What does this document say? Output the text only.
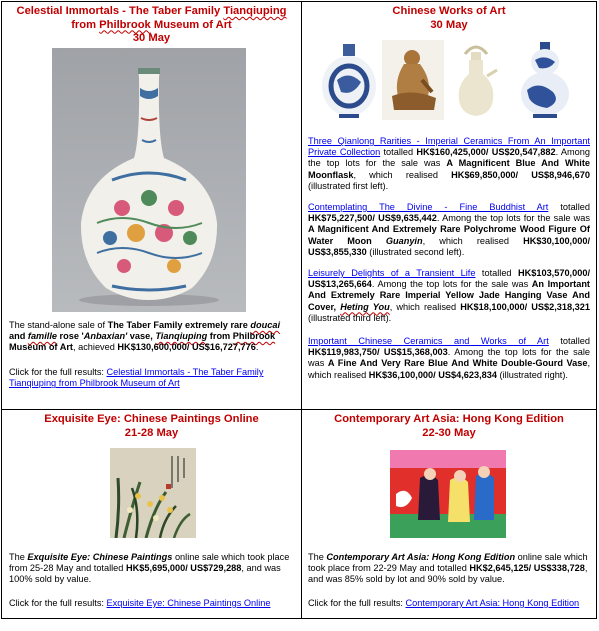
Celestial Immortals - The Taber Family Tianqiuping from Philbrook Museum of Art
30 May

The stand-alone sale of The Taber Family extremely rare doucai and famille rose 'Anbaxian' vase, Tianqiuping from Philbrook Museum of Art, achieved HK$130,600,000/ US$16,727,776.

Click for the full results: Celestial Immortals - The Taber Family Tianqiuping from Philbrook Museum of Art

Chinese Works of Art
30 May

Three Qianlong Rarities - Imperial Ceramics From An Important Private Collection totalled HK$160,425,000/ US$20,547,882. Among the top lots for the sale was A Magnificent Blue And White Moonflask, which realised HK$69,850,000/ US$8,946,670 (illustrated first left).

Contemplating The Divine - Fine Buddhist Art totalled HK$75,227,500/ US$9,635,442. Among the top lots for the sale was A Magnificent And Extremely Rare Polychrome Wood Figure Of Water Moon Guanyin, which realised HK$30,100,000/ US$3,855,330 (illustrated second left).

Leisurely Delights of a Transient Life totalled HK$103,570,000/ US$13,265,664. Among the top lots for the sale was An Important And Extremely Rare Imperial Yellow Jade Hanging Vase And Cover, Heting You, which realised HK$18,100,000/ US$2,318,321 (illustrated third left).

Important Chinese Ceramics and Works of Art totalled HK$119,983,750/ US$15,368,003. Among the top lots for the sale was A Fine And Very Rare Blue And White Double-Gourd Vase, which realised HK$36,100,000/ US$4,623,834 (illustrated right).

Exquisite Eye: Chinese Paintings Online
21-28 May

The Exquisite Eye: Chinese Paintings online sale which took place from 25-28 May and totalled HK$5,695,000/ US$729,288, and was 100% sold by value.

Click for the full results: Exquisite Eye: Chinese Paintings Online

Contemporary Art Asia: Hong Kong Edition
22-30 May

The Contemporary Art Asia: Hong Kong Edition online sale which took place from 22-29 May and totalled HK$2,645,125/ US$338,728, and was 85% sold by lot and 90% sold by value.

Click for the full results: Contemporary Art Asia: Hong Kong Edition
